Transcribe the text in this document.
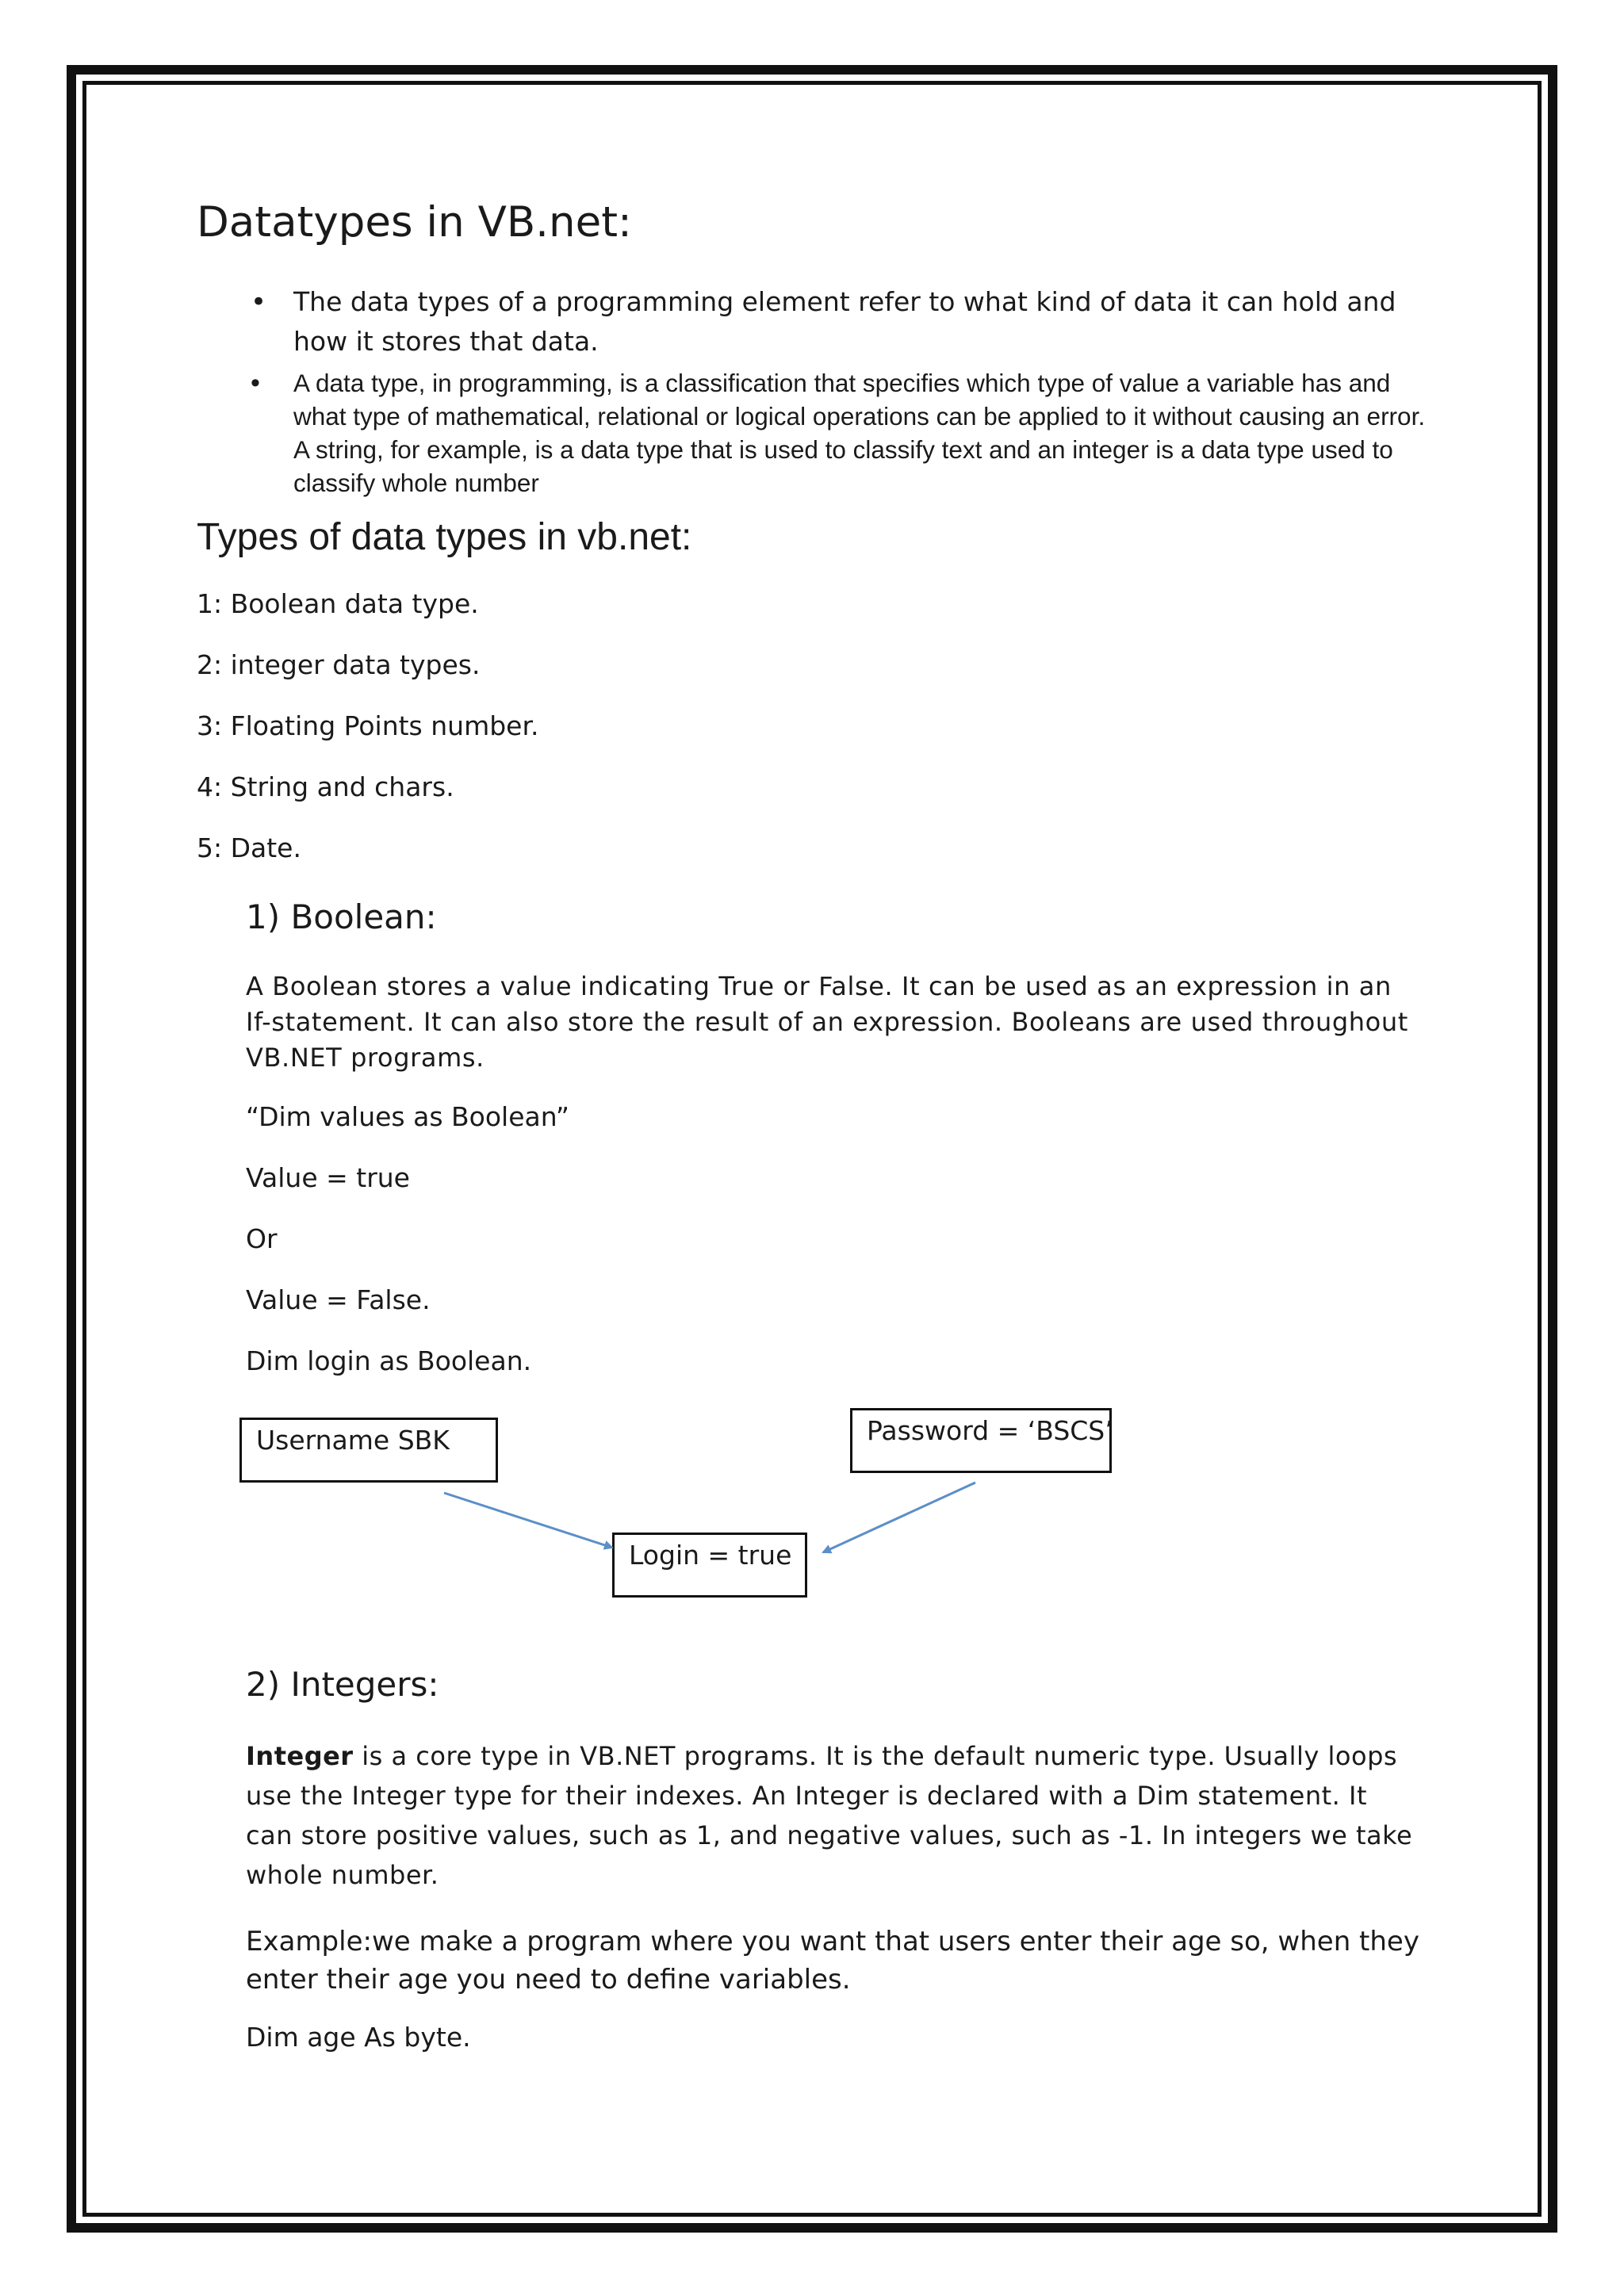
Datatypes in VB.net:
• The data types of a programming element refer to what kind of data it can hold and how it stores that data.
• A data type, in programming, is a classification that specifies which type of value a variable has and what type of mathematical, relational or logical operations can be applied to it without causing an error. A string, for example, is a data type that is used to classify text and an integer is a data type used to classify whole number
Types of data types in vb.net:

1: Boolean data type.

2: integer data types.

3: Floating Points number.

4: String and chars.

5: Date.

1) Boolean:

A Boolean stores a value indicating True or False. It can be used as an expression in an If-statement. It can also store the result of an expression. Booleans are used throughout VB.NET programs.

“Dim values as Boolean”

Value = true

Or

Value = False.

Dim login as Boolean.

Username SBK	Password = ‘BSCS’
Login = true
2) Integers:

Integer is a core type in VB.NET programs. It is the default numeric type. Usually loops use the Integer type for their indexes. An Integer is declared with a Dim statement. It can store positive values, such as 1, and negative values, such as -1. In integers we take whole number.

Example:we make a program where you want that users enter their age so, when they enter their age you need to define variables.

Dim age As byte.
